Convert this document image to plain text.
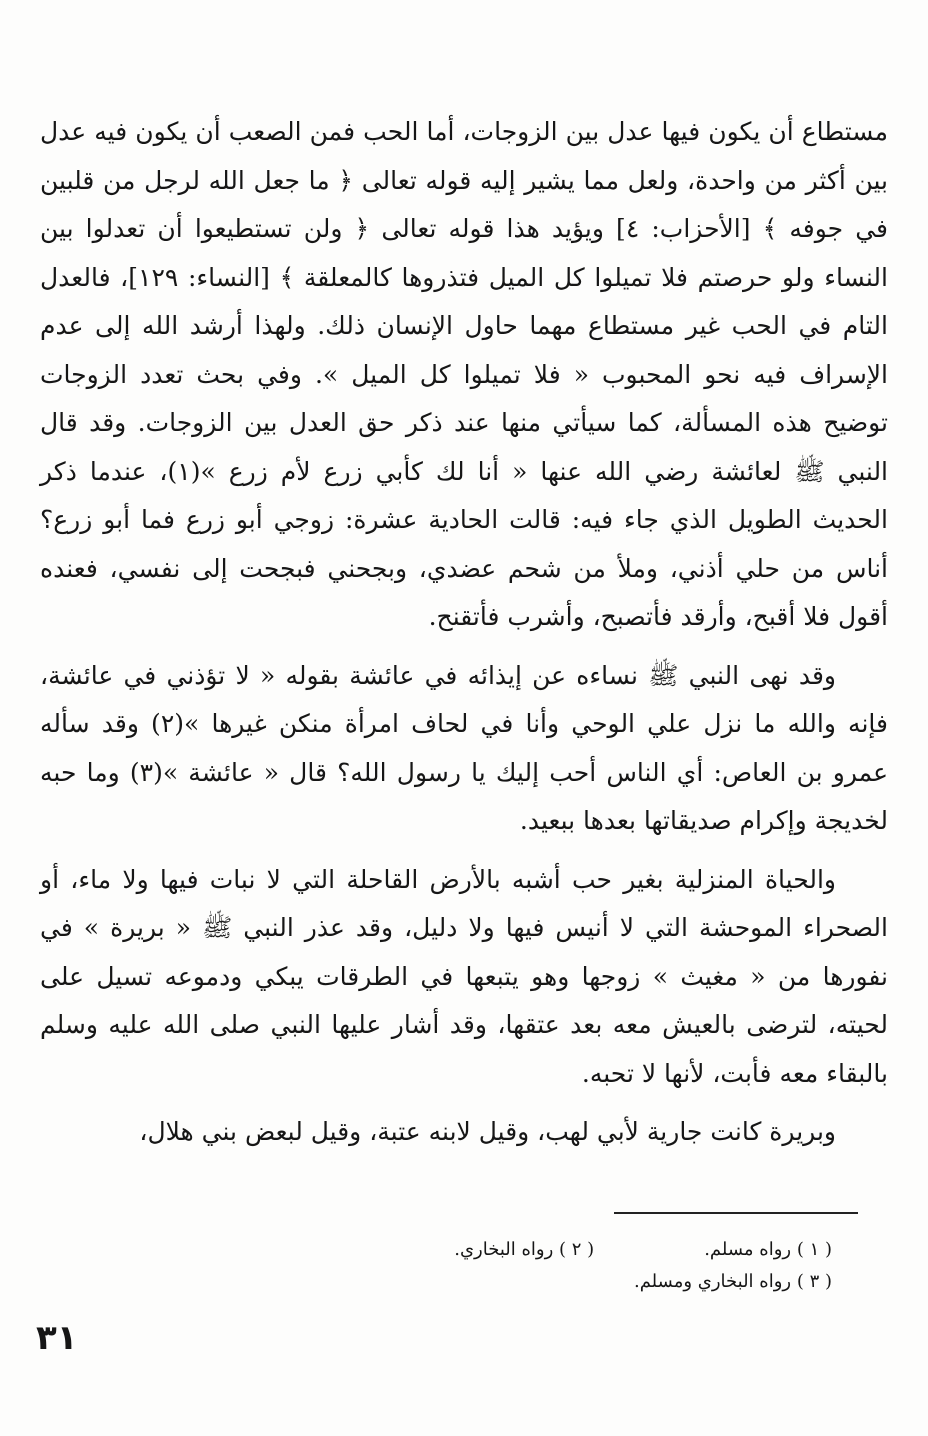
مستطاع أن يكون فيها عدل بين الزوجات، أما الحب فمن الصعب أن يكون فيه عدل بين أكثر من واحدة، ولعل مما يشير إليه قوله تعالى ﴿ ما جعل الله لرجل من قلبين في جوفه ﴾ [الأحزاب: ٤] ويؤيد هذا قوله تعالى ﴿ ولن تستطيعوا أن تعدلوا بين النساء ولو حرصتم فلا تميلوا كل الميل فتذروها كالمعلقة ﴾ [النساء: ١٢٩]، فالعدل التام في الحب غير مستطاع مهما حاول الإنسان ذلك. ولهذا أرشد الله إلى عدم الإسراف فيه نحو المحبوب « فلا تميلوا كل الميل ». وفي بحث تعدد الزوجات توضيح هذه المسألة، كما سيأتي منها عند ذكر حق العدل بين الزوجات. وقد قال النبي ﷺ لعائشة رضي الله عنها « أنا لك كأبي زرع لأم زرع »(١)، عندما ذكر الحديث الطويل الذي جاء فيه: قالت الحادية عشرة: زوجي أبو زرع فما أبو زرع؟ أناس من حلي أذني، وملأ من شحم عضدي، وبجحني فبجحت إلى نفسي، فعنده أقول فلا أقبح، وأرقد فأتصبح، وأشرب فأتقنح.

وقد نهى النبي ﷺ نساءه عن إيذائه في عائشة بقوله « لا تؤذني في عائشة، فإنه والله ما نزل علي الوحي وأنا في لحاف امرأة منكن غيرها »(٢) وقد سأله عمرو بن العاص: أي الناس أحب إليك يا رسول الله؟ قال « عائشة »(٣) وما حبه لخديجة وإكرام صديقاتها بعدها ببعيد.

والحياة المنزلية بغير حب أشبه بالأرض القاحلة التي لا نبات فيها ولا ماء، أو الصحراء الموحشة التي لا أنيس فيها ولا دليل، وقد عذر النبي ﷺ « بريرة » في نفورها من « مغيث » زوجها وهو يتبعها في الطرقات يبكي ودموعه تسيل على لحيته، لترضى بالعيش معه بعد عتقها، وقد أشار عليها النبي صلى الله عليه وسلم بالبقاء معه فأبت، لأنها لا تحبه.

وبريرة كانت جارية لأبي لهب، وقيل لابنه عتبة، وقيل لبعض بني هلال،

( ١ ) رواه مسلم.
( ٢ ) رواه البخاري.
( ٣ ) رواه البخاري ومسلم.
٣١
